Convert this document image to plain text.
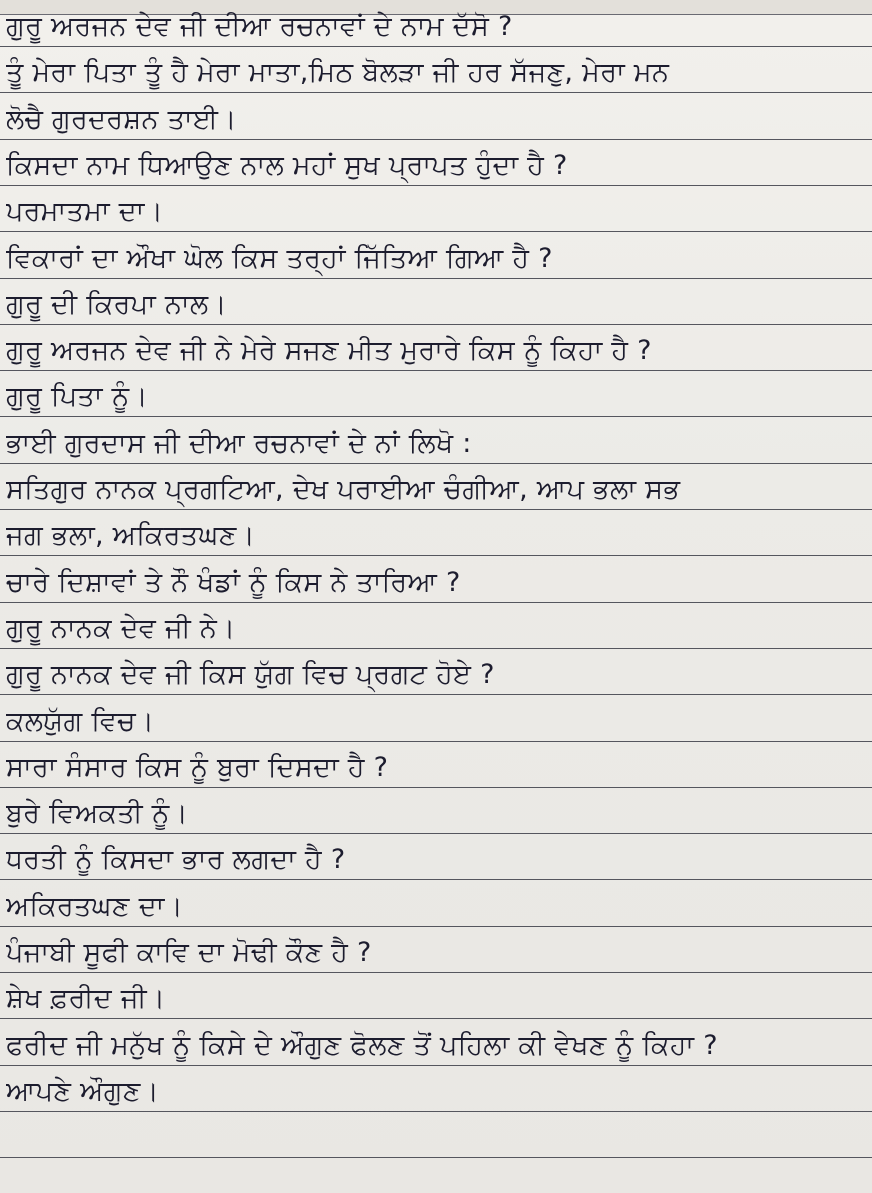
ਗੁਰੂ ਅਰਜਨ ਦੇਵ ਜੀ ਦੀਆ ਰਚਨਾਵਾਂ ਦੇ ਨਾਮ ਦੱਸੋ ?
ਤੂੰ ਮੇਰਾ ਪਿਤਾ ਤੂੰ ਹੈ ਮੇਰਾ ਮਾਤਾ,ਮਿਠ ਬੋਲੜਾ ਜੀ ਹਰ ਸੱਜਣੁ, ਮੇਰਾ ਮਨ
ਲੋਚੈ ਗੁਰਦਰਸ਼ਨ ਤਾਈ।
ਕਿਸਦਾ ਨਾਮ ਧਿਆਉਣ ਨਾਲ ਮਹਾਂ ਸੁਖ ਪ੍ਰਾਪਤ ਹੁੰਦਾ ਹੈ ?
ਪਰਮਾਤਮਾ ਦਾ।
ਵਿਕਾਰਾਂ ਦਾ ਔਖਾ ਘੋਲ ਕਿਸ ਤਰ੍ਹਾਂ ਜਿੱਤਿਆ ਗਿਆ ਹੈ ?
ਗੁਰੂ ਦੀ ਕਿਰਪਾ ਨਾਲ।
ਗੁਰੂ ਅਰਜਨ ਦੇਵ ਜੀ ਨੇ ਮੇਰੇ ਸਜਣ ਮੀਤ ਮੁਰਾਰੇ ਕਿਸ ਨੂੰ ਕਿਹਾ ਹੈ ?
ਗੁਰੂ ਪਿਤਾ ਨੂੰ।
ਭਾਈ ਗੁਰਦਾਸ ਜੀ ਦੀਆ ਰਚਨਾਵਾਂ ਦੇ ਨਾਂ ਲਿਖੋ :
ਸਤਿਗੁਰ ਨਾਨਕ ਪ੍ਰਗਟਿਆ, ਦੇਖ ਪਰਾਈਆ ਚੰਗੀਆ, ਆਪ ਭਲਾ ਸਭ
ਜਗ ਭਲਾ, ਅਕਿਰਤਘਣ।
ਚਾਰੇ ਦਿਸ਼ਾਵਾਂ ਤੇ ਨੌ ਖੰਡਾਂ ਨੂੰ ਕਿਸ ਨੇ ਤਾਰਿਆ ?
ਗੁਰੂ ਨਾਨਕ ਦੇਵ ਜੀ ਨੇ।
ਗੁਰੂ ਨਾਨਕ ਦੇਵ ਜੀ ਕਿਸ ਯੁੱਗ ਵਿਚ ਪ੍ਰਗਟ ਹੋਏ ?
ਕਲਯੁੱਗ ਵਿਚ।
ਸਾਰਾ ਸੰਸਾਰ ਕਿਸ ਨੂੰ ਬੁਰਾ ਦਿਸਦਾ ਹੈ ?
ਬੁਰੇ ਵਿਅਕਤੀ ਨੂੰ।
ਧਰਤੀ ਨੂੰ ਕਿਸਦਾ ਭਾਰ ਲਗਦਾ ਹੈ ?
ਅਕਿਰਤਘਣ ਦਾ।
ਪੰਜਾਬੀ ਸੂਫੀ ਕਾਵਿ ਦਾ ਮੋਢੀ ਕੌਣ ਹੈ ?
ਸ਼ੇਖ ਫ਼ਰੀਦ ਜੀ।
ਫਰੀਦ ਜੀ ਮਨੁੱਖ ਨੂੰ ਕਿਸੇ ਦੇ ਔਗੁਣ ਫੋਲਣ ਤੋਂ ਪਹਿਲਾ ਕੀ ਵੇਖਣ ਨੂੰ ਕਿਹਾ ?
ਆਪਣੇ ਔਗੁਣ।
